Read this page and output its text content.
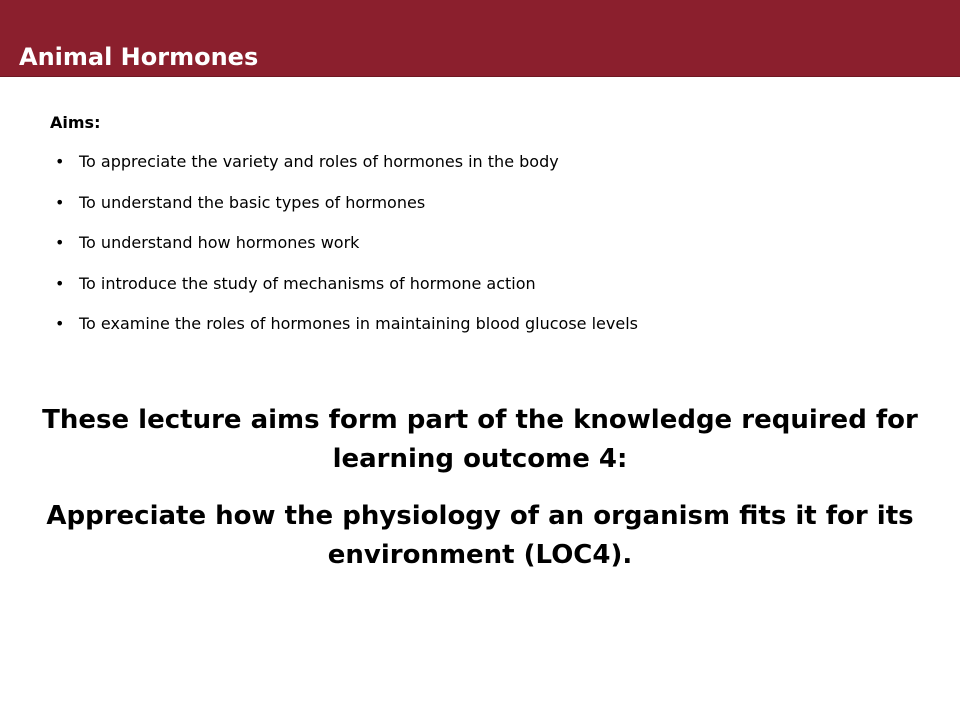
Animal Hormones
Aims:
• To appreciate the variety and roles of hormones in the body
• To understand the basic types of hormones
• To understand how hormones work
• To introduce the study of mechanisms of hormone action
• To examine the roles of hormones in maintaining blood glucose levels

These lecture aims form part of the knowledge required for learning outcome 4:

Appreciate how the physiology of an organism fits it for its environment (LOC4).
